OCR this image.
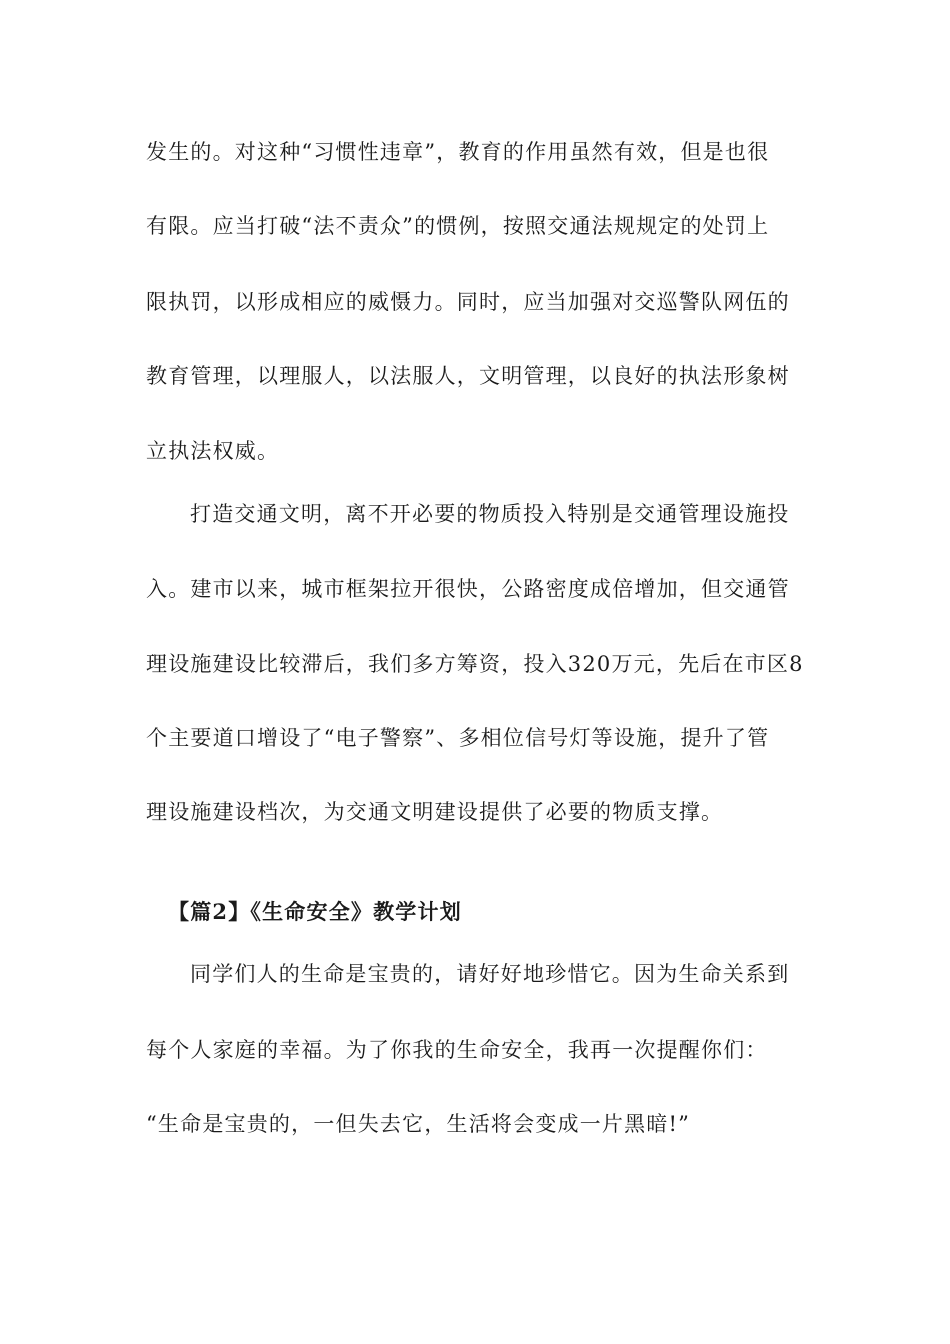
发生的。对这种“习惯性违章”，教育的作用虽然有效，但是也很
有限。应当打破“法不责众”的惯例，按照交通法规规定的处罚上
限执罚，以形成相应的威慑力。同时，应当加强对交巡警队网伍的
教育管理，以理服人，以法服人，文明管理，以良好的执法形象树
立执法权威。
打造交通文明，离不开必要的物质投入特别是交通管理设施投
入。建市以来，城市框架拉开很快，公路密度成倍增加，但交通管
理设施建设比较滞后，我们多方筹资，投入320万元，先后在市区8
个主要道口增设了“电子警察”、多相位信号灯等设施，提升了管
理设施建设档次，为交通文明建设提供了必要的物质支撑。
【篇2】《生命安全》教学计划
同学们人的生命是宝贵的，请好好地珍惜它。因为生命关系到
每个人家庭的幸福。为了你我的生命安全，我再一次提醒你们：
“生命是宝贵的，一但失去它，生活将会变成一片黑暗!”
